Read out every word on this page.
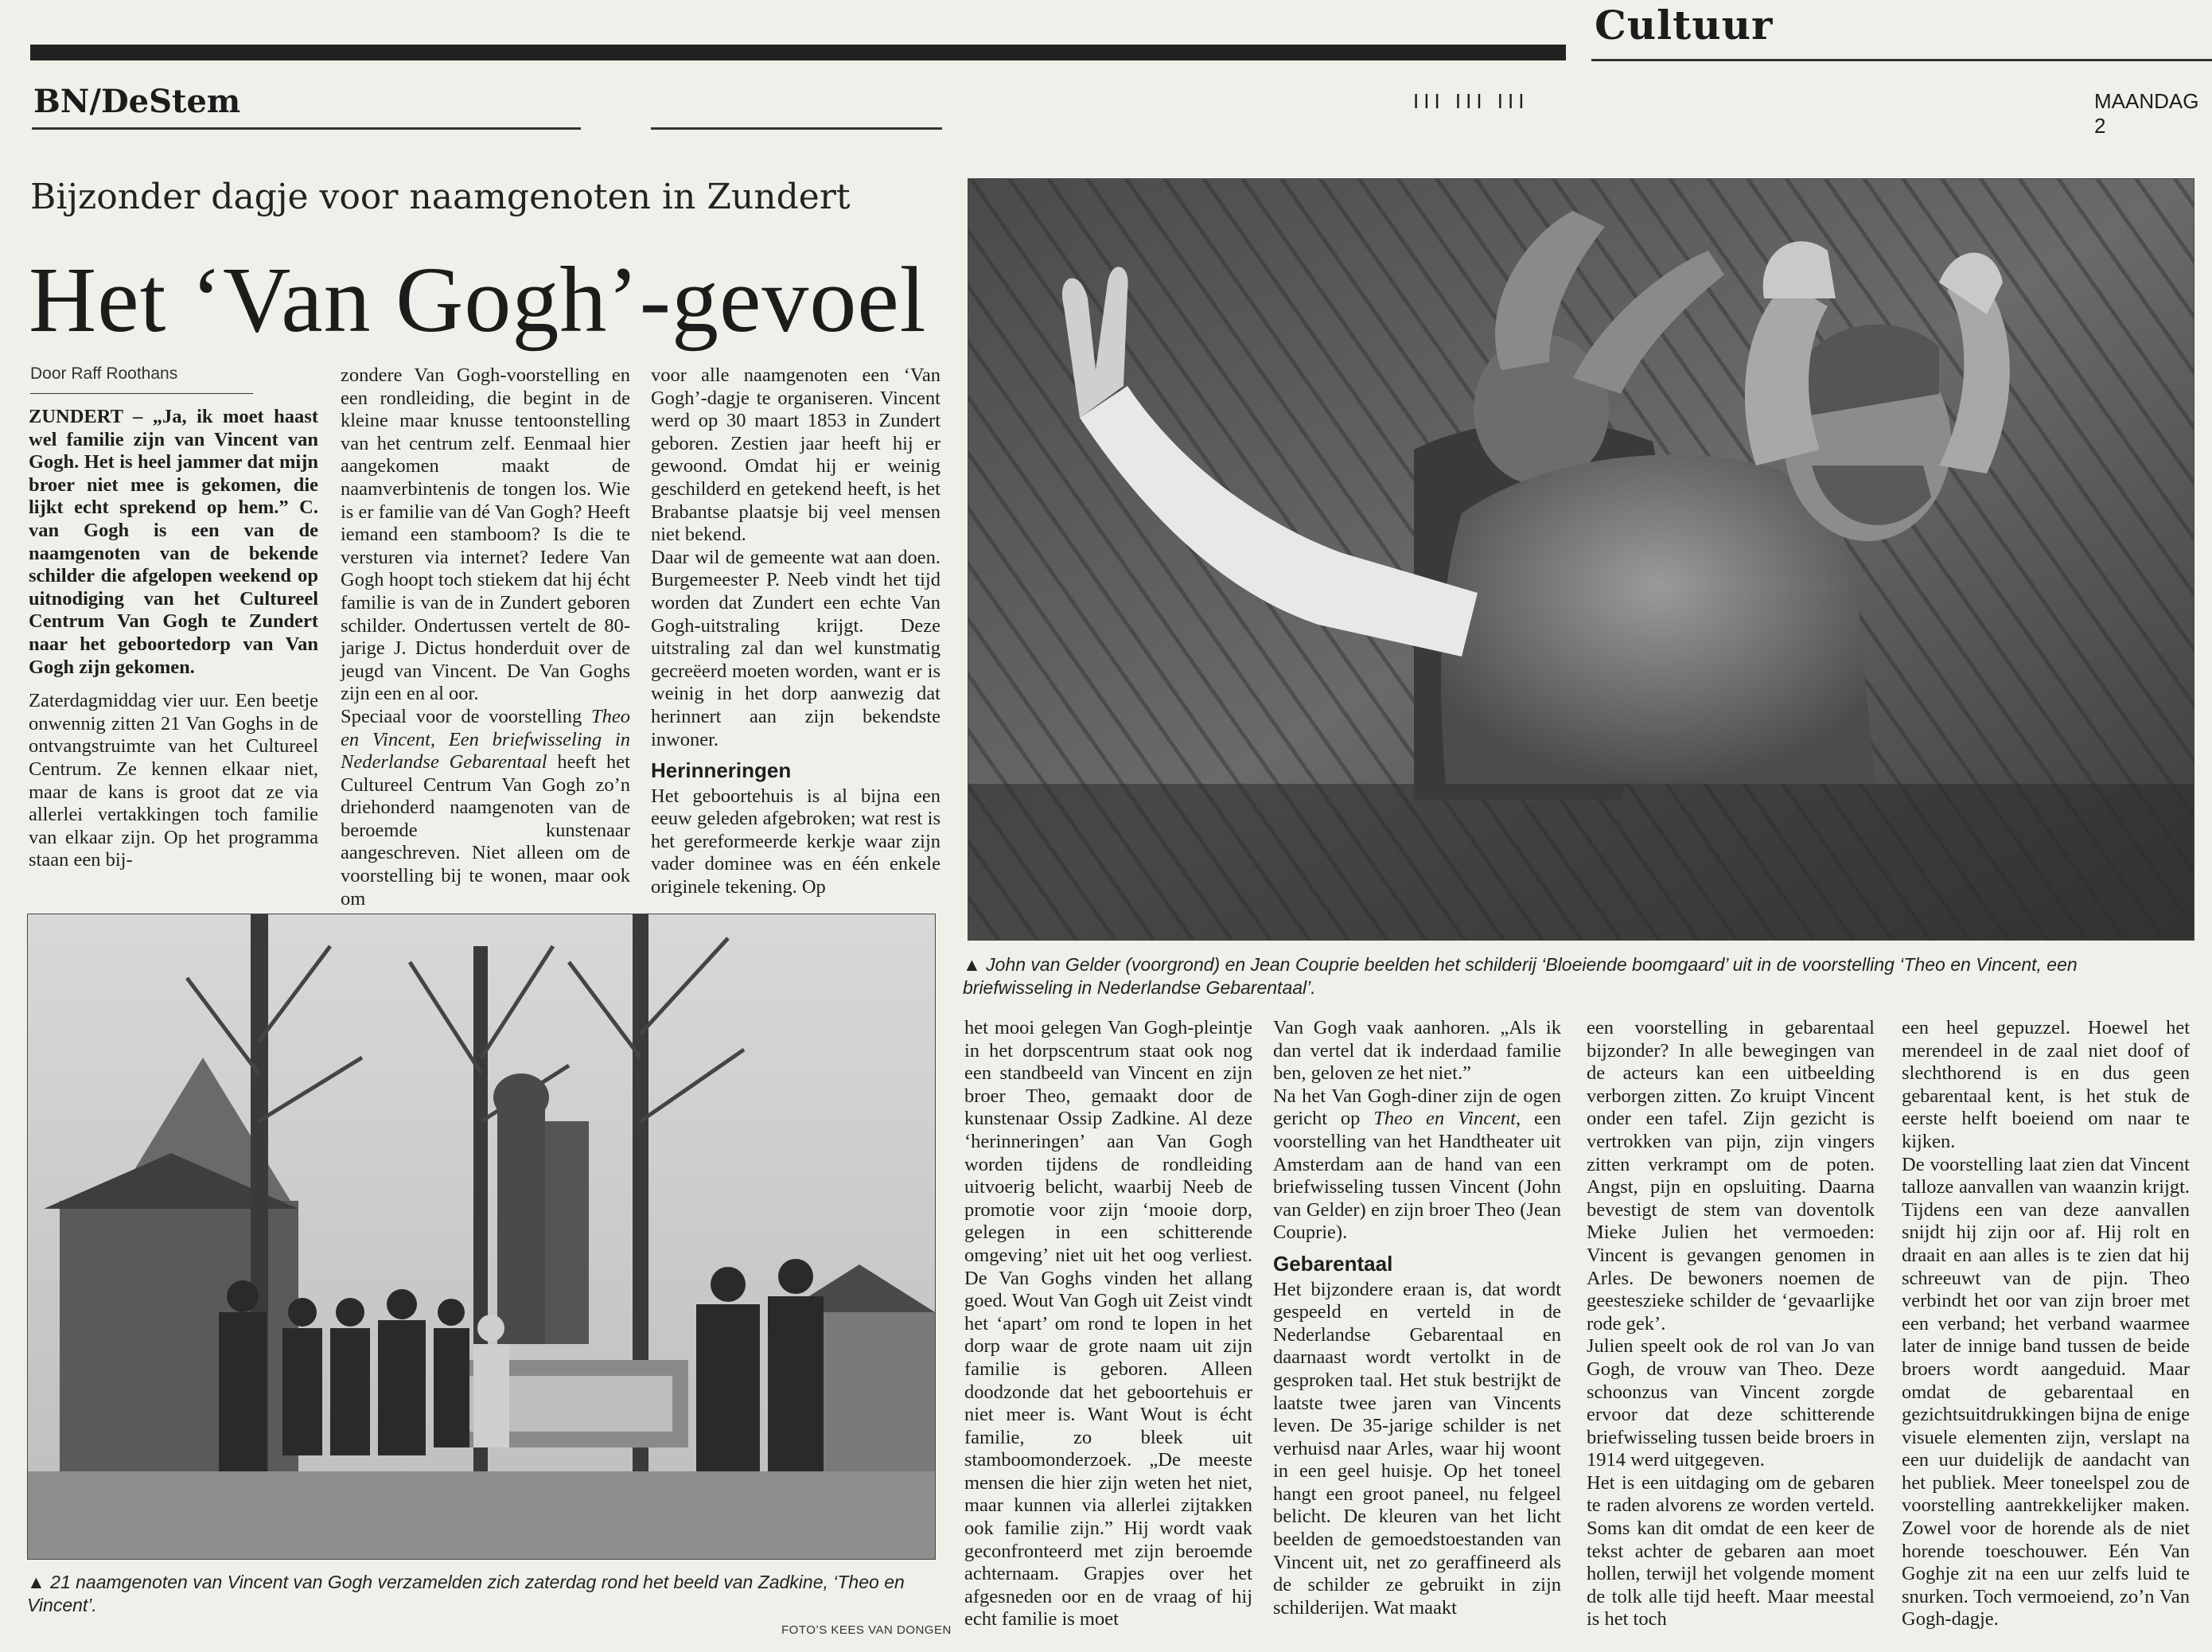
Cultuur
BN/DeStem	III III III	MAANDAG 2
Bijzonder dagje voor naamgenoten in Zundert
Het ‘Van Gogh’-gevoel
Door Raff Roothans

ZUNDERT – „Ja, ik moet haast wel familie zijn van Vincent van Gogh. Het is heel jammer dat mijn broer niet mee is gekomen, die lijkt echt sprekend op hem.” C. van Gogh is een van de naamgenoten van de bekende schilder die afgelopen weekend op uitnodiging van het Cultureel Centrum Van Gogh te Zundert naar het geboortedorp van Van Gogh zijn gekomen.

Zaterdagmiddag vier uur. Een beetje onwennig zitten 21 Van Goghs in de ontvangstruimte van het Cultureel Centrum. Ze kennen elkaar niet, maar de kans is groot dat ze via allerlei vertakkingen toch familie van elkaar zijn. Op het programma staan een bij-

zondere Van Gogh-voorstelling en een rondleiding, die begint in de kleine maar knusse tentoonstelling van het centrum zelf. Eenmaal hier aangekomen maakt de naamverbintenis de tongen los. Wie is er familie van dé Van Gogh? Heeft iemand een stamboom? Is die te versturen via internet? Iedere Van Gogh hoopt toch stiekem dat hij écht familie is van de in Zundert geboren schilder. Ondertussen vertelt de 80-jarige J. Dictus honderduit over de jeugd van Vincent. De Van Goghs zijn een en al oor.

Speciaal voor de voorstelling Theo en Vincent, Een briefwisseling in Nederlandse Gebarentaal heeft het Cultureel Centrum Van Gogh zo’n driehonderd naamgenoten van de beroemde kunstenaar aangeschreven. Niet alleen om de voorstelling bij te wonen, maar ook om

voor alle naamgenoten een ‘Van Gogh’-dagje te organiseren. Vincent werd op 30 maart 1853 in Zundert geboren. Zestien jaar heeft hij er gewoond. Omdat hij er weinig geschilderd en getekend heeft, is het Brabantse plaatsje bij veel mensen niet bekend.

Daar wil de gemeente wat aan doen. Burgemeester P. Neeb vindt het tijd worden dat Zundert een echte Van Gogh-uitstraling krijgt. Deze uitstraling zal dan wel kunstmatig gecreëerd moeten worden, want er is weinig in het dorp aanwezig dat herinnert aan zijn bekendste inwoner.

Herinneringen

Het geboortehuis is al bijna een eeuw geleden afgebroken; wat rest is het gereformeerde kerkje waar zijn vader dominee was en één enkele originele tekening. Op

▲ John van Gelder (voorgrond) en Jean Couprie beelden het schilderij ‘Bloeiende boomgaard’ uit in de voorstelling ‘Theo en Vincent, een briefwisseling in Nederlandse Gebarentaal’.
▲ 21 naamgenoten van Vincent van Gogh verzamelden zich zaterdag rond het beeld van Zadkine, ‘Theo en Vincent’.
FOTO’S KEES VAN DONGEN

het mooi gelegen Van Gogh-pleintje in het dorpscentrum staat ook nog een standbeeld van Vincent en zijn broer Theo, gemaakt door de kunstenaar Ossip Zadkine. Al deze ‘herinneringen’ aan Van Gogh worden tijdens de rondleiding uitvoerig belicht, waarbij Neeb de promotie voor zijn ‘mooie dorp, gelegen in een schitterende omgeving’ niet uit het oog verliest. De Van Goghs vinden het allang goed. Wout Van Gogh uit Zeist vindt het ‘apart’ om rond te lopen in het dorp waar de grote naam uit zijn familie is geboren. Alleen doodzonde dat het geboortehuis er niet meer is. Want Wout is écht familie, zo bleek uit stamboomonderzoek. „De meeste mensen die hier zijn weten het niet, maar kunnen via allerlei zijtakken ook familie zijn.” Hij wordt vaak geconfronteerd met zijn beroemde achternaam. Grapjes over het afgesneden oor en de vraag of hij echt familie is moet

Van Gogh vaak aanhoren. „Als ik dan vertel dat ik inderdaad familie ben, geloven ze het niet.”

Na het Van Gogh-diner zijn de ogen gericht op Theo en Vincent, een voorstelling van het Handtheater uit Amsterdam aan de hand van een briefwisseling tussen Vincent (John van Gelder) en zijn broer Theo (Jean Couprie).

Gebarentaal

Het bijzondere eraan is, dat wordt gespeeld en verteld in de Nederlandse Gebarentaal en daarnaast wordt vertolkt in de gesproken taal. Het stuk bestrijkt de laatste twee jaren van Vincents leven. De 35-jarige schilder is net verhuisd naar Arles, waar hij woont in een geel huisje. Op het toneel hangt een groot paneel, nu felgeel belicht. De kleuren van het licht beelden de gemoedstoestanden van Vincent uit, net zo geraffineerd als de schilder ze gebruikt in zijn schilderijen. Wat maakt

een voorstelling in gebarentaal bijzonder? In alle bewegingen van de acteurs kan een uitbeelding verborgen zitten. Zo kruipt Vincent onder een tafel. Zijn gezicht is vertrokken van pijn, zijn vingers zitten verkrampt om de poten. Angst, pijn en opsluiting. Daarna bevestigt de stem van doventolk Mieke Julien het vermoeden: Vincent is gevangen genomen in Arles. De bewoners noemen de geesteszieke schilder de ‘gevaarlijke rode gek’.

Julien speelt ook de rol van Jo van Gogh, de vrouw van Theo. Deze schoonzus van Vincent zorgde ervoor dat deze schitterende briefwisseling tussen beide broers in 1914 werd uitgegeven.

Het is een uitdaging om de gebaren te raden alvorens ze worden verteld. Soms kan dit omdat de een keer de tekst achter de gebaren aan moet hollen, terwijl het volgende moment de tolk alle tijd heeft. Maar meestal is het toch

een heel gepuzzel. Hoewel het merendeel in de zaal niet doof of slechthorend is en dus geen gebarentaal kent, is het stuk de eerste helft boeiend om naar te kijken.

De voorstelling laat zien dat Vincent talloze aanvallen van waanzin krijgt. Tijdens een van deze aanvallen snijdt hij zijn oor af. Hij rolt en draait en aan alles is te zien dat hij schreeuwt van de pijn. Theo verbindt het oor van zijn broer met een verband; het verband waarmee later de innige band tussen de beide broers wordt aangeduid. Maar omdat de gebarentaal en gezichtsuitdrukkingen bijna de enige visuele elementen zijn, verslapt na een uur duidelijk de aandacht van het publiek. Meer toneelspel zou de voorstelling aantrekkelijker maken. Zowel voor de horende als de niet horende toeschouwer. Eén Van Goghje zit na een uur zelfs luid te snurken. Toch vermoeiend, zo’n Van Gogh-dagje.
